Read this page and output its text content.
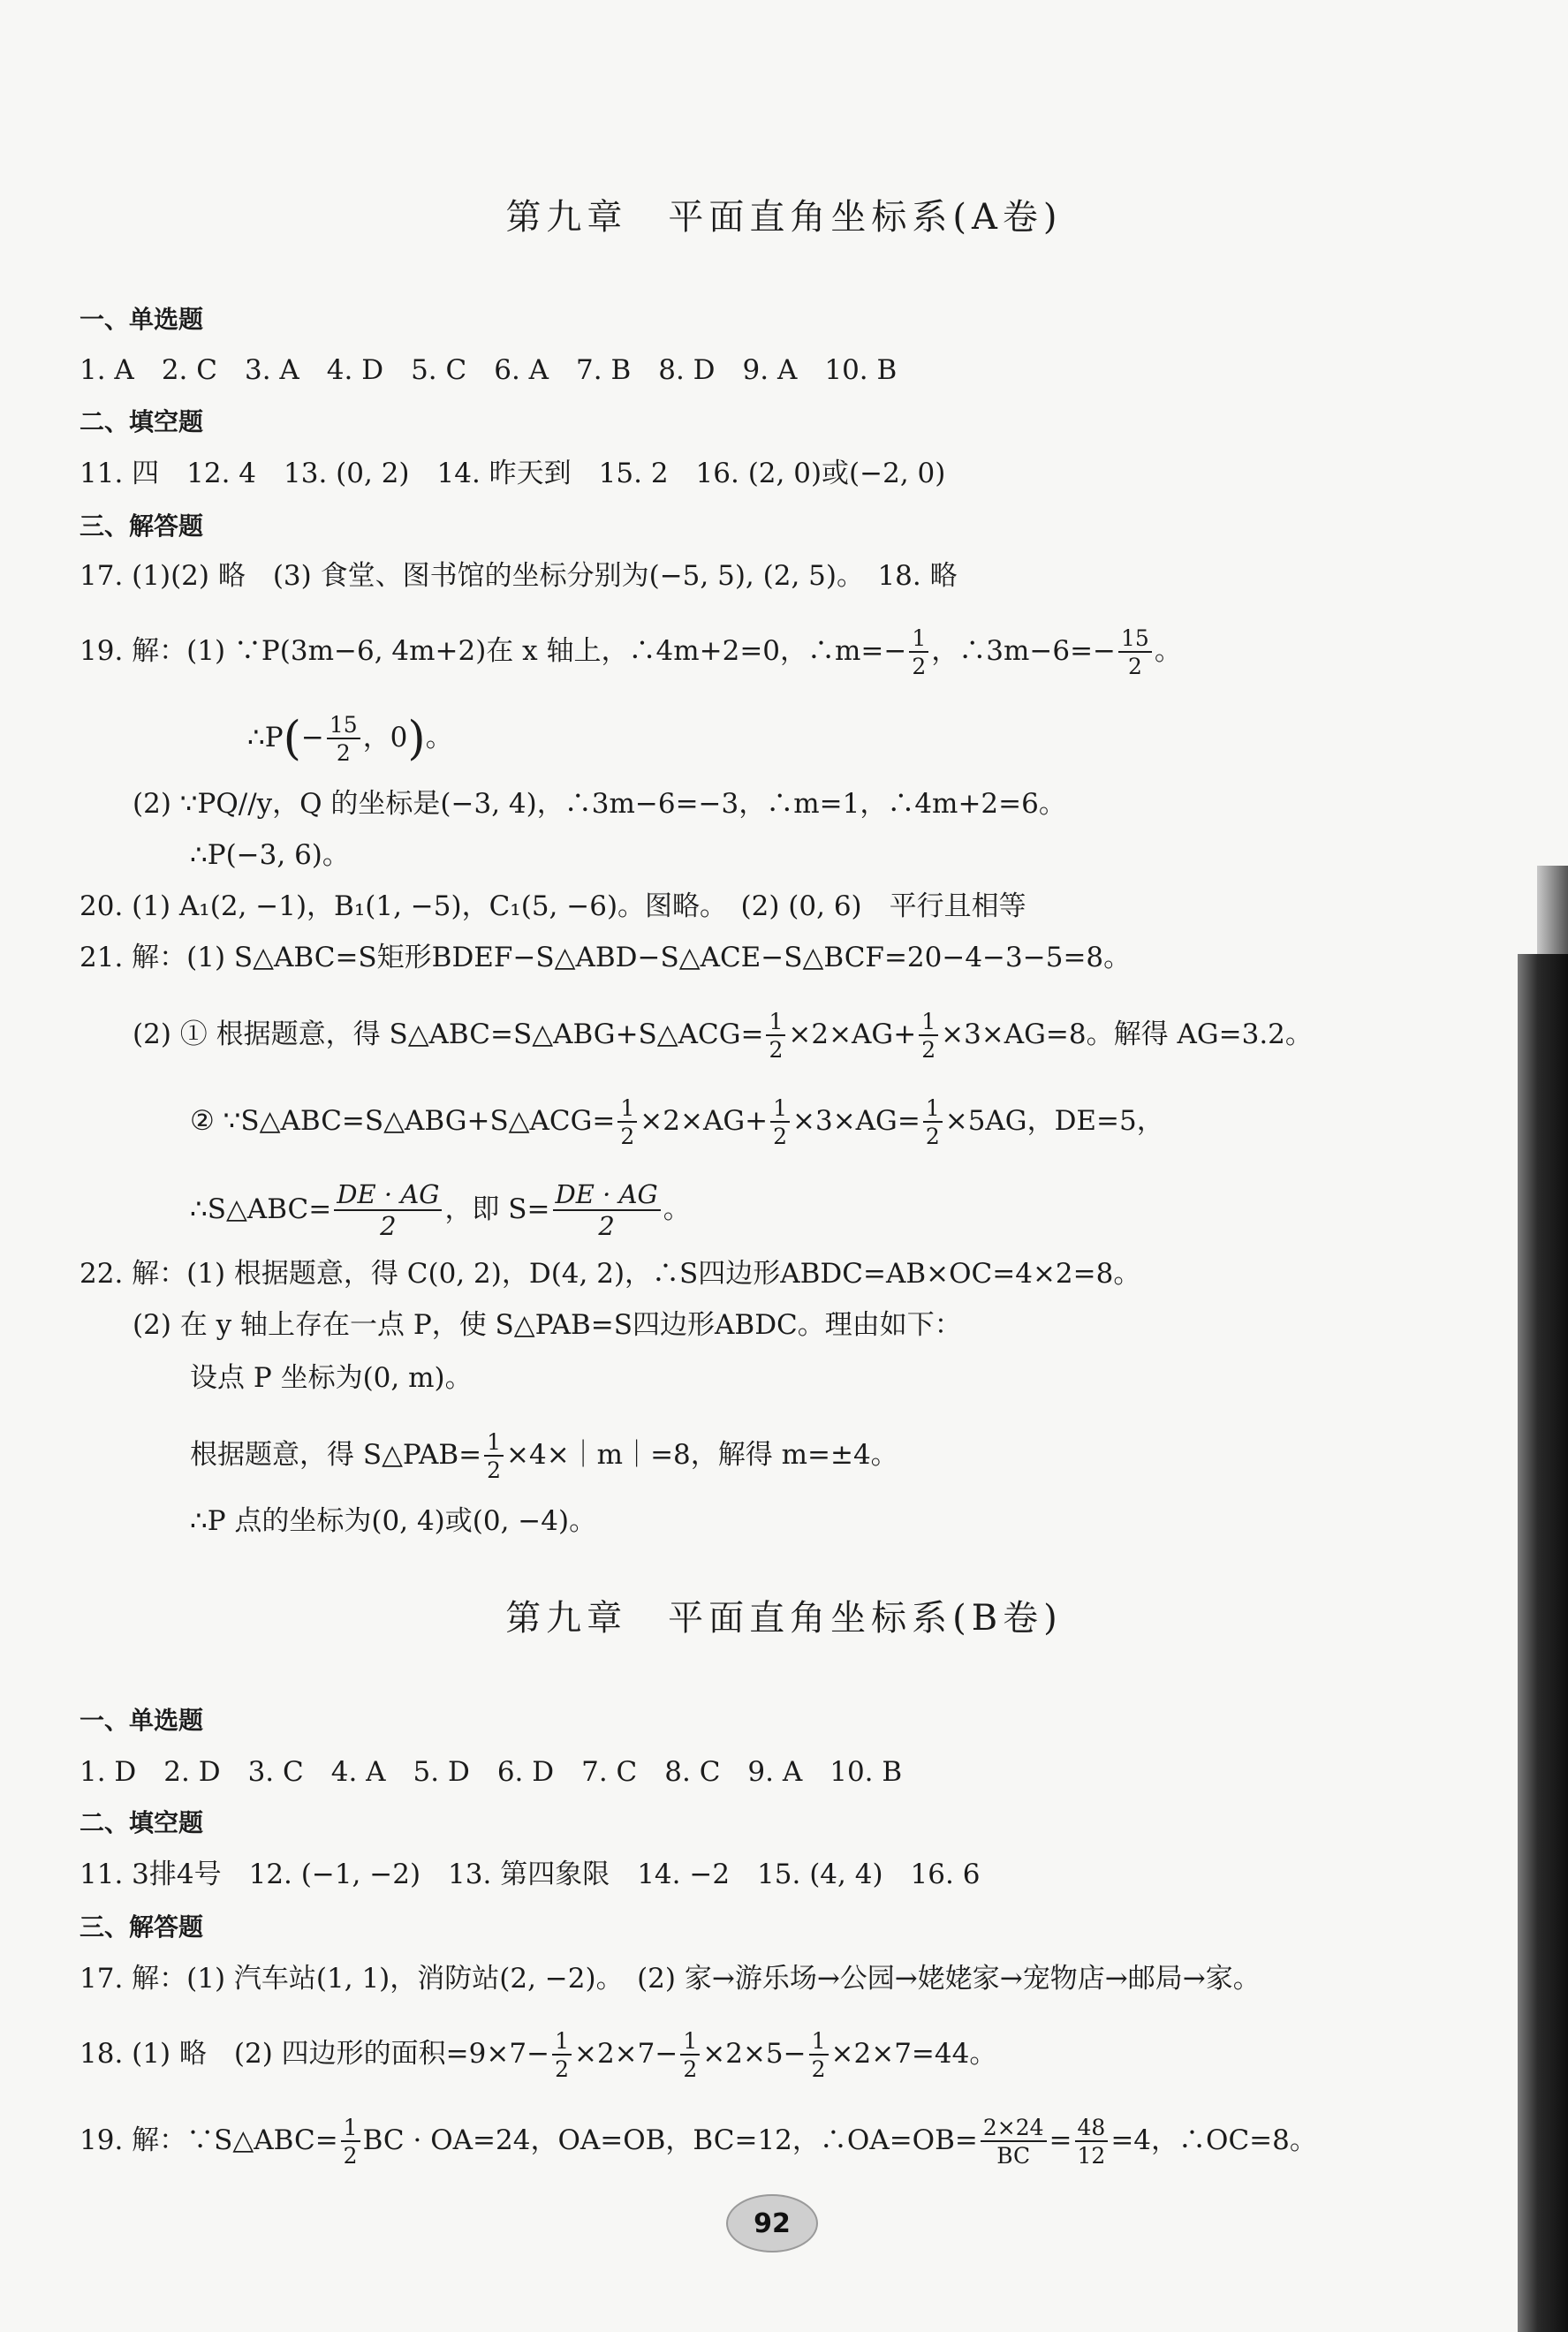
第九章　平面直角坐标系(A卷)
一、单选题
1. A　2. C　3. A　4. D　5. C　6. A　7. B　8. D　9. A　10. B
二、填空题
11. 四　12. 4　13. (0, 2)　14. 昨天到　15. 2　16. (2, 0)或(−2, 0)
三、解答题
17. (1)(2) 略　(3) 食堂、图书馆的坐标分别为(−5, 5), (2, 5)。　18. 略
19. 解：(1) ∵P(3m−6, 4m+2)在 x 轴上，∴4m+2=0，∴m=− $\frac{1}{2}$ ，∴3m−6=− $\frac{15}{2}$ 。
∴P(− $\frac{15}{2}$ ，0)。
(2) ∵PQ//y，Q 的坐标是(−3, 4)，∴3m−6=−3，∴m=1，∴4m+2=6。
∴P(−3, 6)。
20. (1) A₁(2, −1)，B₁(1, −5)，C₁(5, −6)。图略。　(2) (0, 6)　平行且相等
21. 解：(1) S△ABC=S矩形BDEF−S△ABD−S△ACE−S△BCF=20−4−3−5=8。
(2) ① 根据题意，得 S△ABC=S△ABG+S△ACG= $\frac{1}{2} \times 2\times AG+ \frac{1}{2} \times 3\times AG=8$。解得 AG=3.2。
② ∵S△ABC=S△ABG+S△ACG= $\frac{1}{2} \times 2\times AG+ \frac{1}{2} \times 3\times AG= \frac{1}{2} \times 5AG$，DE=5，
∴S△ABC= $\frac{DE \cdot AG}{2}$ ，即 $S= \frac{DE \cdot AG}{2}$ 。
22. 解：(1) 根据题意，得 C(0, 2)，D(4, 2)，∴S四边形ABDC=AB×OC=4×2=8。
(2) 在 y 轴上存在一点 P，使 S△PAB=S四边形ABDC。理由如下：
设点 P 坐标为(0, m)。
根据题意，得 S△PAB= $\frac{1}{2}$ ×4×｜m｜=8，解得 m=±4。
∴P 点的坐标为(0, 4)或(0, −4)。
第九章　平面直角坐标系(B卷)
一、单选题
1. D　2. D　3. C　4. A　5. D　6. D　7. C　8. C　9. A　10. B
二、填空题
11. 3排4号　12. (−1, −2)　13. 第四象限　14. −2　15. (4, 4)　16. 6
三、解答题
17. 解：(1) 汽车站(1, 1)，消防站(2, −2)。　(2) 家→游乐场→公园→姥姥家→宠物店→邮局→家。
18. (1) 略　(2) 四边形的面积$=9\times 7- \frac{1}{2} \times 2\times 7- \frac{1}{2} \times 2\times 5- \frac{1}{2} \times 2\times 7=44$。
19. 解：∵S△ABC= $\frac{1}{2}$ BC · OA=24，OA=OB，BC=12，∴OA=OB= $\frac{2\times 24}{BC} = \frac{48}{12} =4$，∴OC=8。
92
